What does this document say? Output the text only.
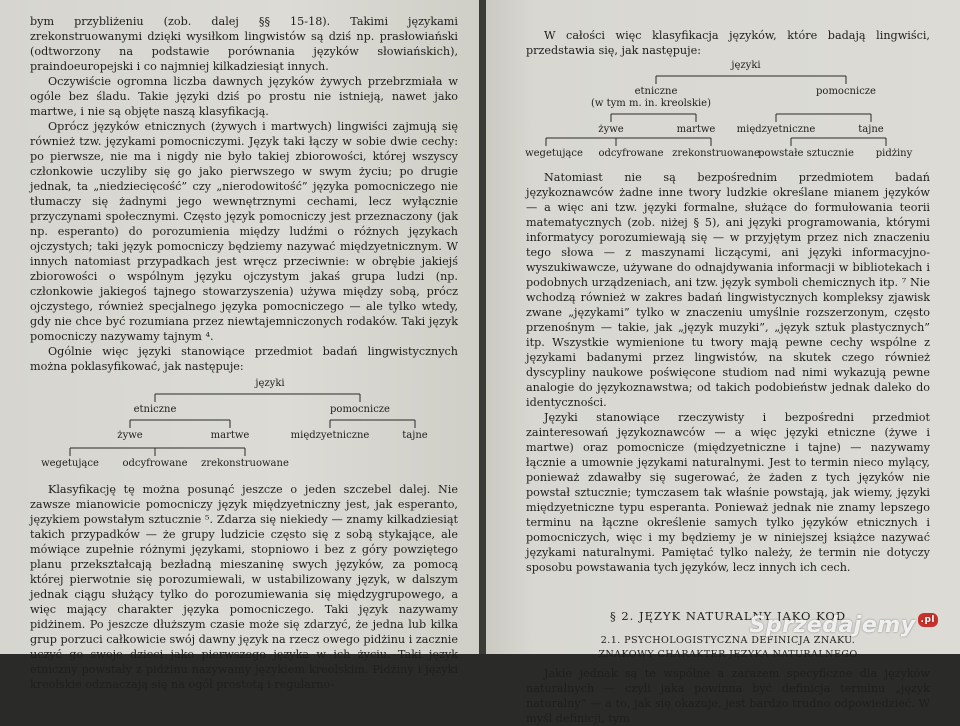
bym przybliżeniu (zob. dalej §§ 15-18). Takimi językami zrekonstruowanymi dzięki wysiłkom lingwistów są dziś np. prasłowiański (odtworzony na podstawie porównania języków słowiańskich), praindoeuropejski i co najmniej kilkadziesiąt innych.

Oczywiście ogromna liczba dawnych języków żywych przebrzmiała w ogóle bez śladu. Takie języki dziś po prostu nie istnieją, nawet jako martwe, i nie są objęte naszą klasyfikacją.

Oprócz języków etnicznych (żywych i martwych) lingwiści zajmują się również tzw. językami pomocniczymi. Język taki łączy w sobie dwie cechy: po pierwsze, nie ma i nigdy nie było takiej zbiorowości, której wszyscy członkowie uczyliby się go jako pierwszego w swym życiu; po drugie jednak, ta „niedziecięcość” czy „nierodowitość” języka pomocniczego nie tłumaczy się żadnymi jego wewnętrznymi cechami, lecz wyłącznie przyczynami społecznymi. Często język pomocniczy jest przeznaczony (jak np. esperanto) do porozumienia między ludźmi o różnych językach ojczystych; taki język pomocniczy będziemy nazywać międzyetnicznym. W innych natomiast przypadkach jest wręcz przeciwnie: w obrębie jakiejś zbiorowości o wspólnym języku ojczystym jakaś grupa ludzi (np. członkowie jakiegoś tajnego stowarzyszenia) używa między sobą, prócz ojczystego, również specjalnego języka pomocniczego — ale tylko wtedy, gdy nie chce być rozumiana przez niewtajemniczonych rodaków. Taki język pomocniczy nazywamy tajnym ⁴.

Ogólnie więc języki stanowiące przedmiot badań lingwistycznych można poklasyfikować, jak następuje:

języki
etniczne	pomocnicze
żywe	martwe	międzyetniczne	tajne
wegetujące odcyfrowane zrekonstruowane

Klasyfikację tę można posunąć jeszcze o jeden szczebel dalej. Nie zawsze mianowicie pomocniczy język międzyetniczny jest, jak esperanto, językiem powstałym sztucznie ⁵. Zdarza się niekiedy — znamy kilkadziesiąt takich przypadków — że grupy ludzicie często się z sobą stykające, ale mówiące zupełnie różnymi językami, stopniowo i bez z góry powziętego planu przekształcają bezładną mieszaninę swych języków, za pomocą której pierwotnie się porozumiewali, w ustabilizowany język, w dalszym jednak ciągu służący tylko do porozumiewania się międzygrupowego, a więc mający charakter języka pomocniczego. Taki język nazywamy pidżinem. Po jeszcze dłuższym czasie może się zdarzyć, że jedna lub kilka grup porzuci całkowicie swój dawny język na rzecz owego pidżinu i zacznie uczyć go swoje dzieci jako pierwszego języka w ich życiu. Taki język etniczny powstały z pidżinu nazywamy językiem kreolskim. Pidżiny i języki kreolskie odznaczają się na ogół prostotą i regularno-

W całości więc klasyfikacja języków, które badają lingwiści, przedstawia się, jak następuje:

języki
etniczne
(w tym m. in. kreolskie)
pomocnicze
żywe	martwe międzyetniczne	tajne
wegetujące odcyfrowane zrekonstruowane
powstałe sztucznie pidżiny

Natomiast nie są bezpośrednim przedmiotem badań językoznawców żadne inne twory ludzkie określane mianem języków — a więc ani tzw. języki formalne, służące do formułowania teorii matematycznych (zob. niżej § 5), ani języki programowania, którymi informatycy porozumiewają się — w przyjętym przez nich znaczeniu tego słowa — z maszynami liczącymi, ani języki informacyjno-wyszukiwawcze, używane do odnajdywania informacji w bibliotekach i podobnych urządzeniach, ani tzw. język symboli chemicznych itp. ⁷ Nie wchodzą również w zakres badań lingwistycznych kompleksy zjawisk zwane „językami” tylko w znaczeniu umyślnie rozszerzonym, często przenośnym — takie, jak „język muzyki”, „język sztuk plastycznych” itp. Wszystkie wymienione tu twory mają pewne cechy wspólne z językami badanymi przez lingwistów, na skutek czego również dyscypliny naukowe poświęcone studiom nad nimi wykazują pewne analogie do językoznawstwa; od takich podobieństw jednak daleko do identyczności.

Języki stanowiące rzeczywisty i bezpośredni przedmiot zainteresowań językoznawców — a więc języki etniczne (żywe i martwe) oraz pomocnicze (międzyetniczne i tajne) — nazywamy łącznie a umownie językami naturalnymi. Jest to termin nieco mylący, ponieważ zdawałby się sugerować, że żaden z tych języków nie powstał sztucznie; tymczasem tak właśnie powstają, jak wiemy, języki międzyetniczne typu esperanta. Ponieważ jednak nie znamy lepszego terminu na łączne określenie samych tylko języków etnicznych i pomocniczych, więc i my będziemy je w niniejszej książce nazywać językami naturalnymi. Pamiętać tylko należy, że termin nie dotyczy sposobu powstawania tych języków, lecz innych ich cech.

§ 2. JĘZYK NATURALNY JAKO KOD

2.1. PSYCHOLOGISTYCZNA DEFINICJA ZNAKU.

ZNAKOWY CHARAKTER JĘZYKA NATURALNEGO

Jakie jednak są te wspólne a zarazem specyficzne dla języków naturalnych — czyli jaka powinna być definicja terminu „język naturalny” — a to, jak się okazuje, jest bardzo trudno odpowiedzieć. W myśl definicji, tym

Sprzedajemy .pl
